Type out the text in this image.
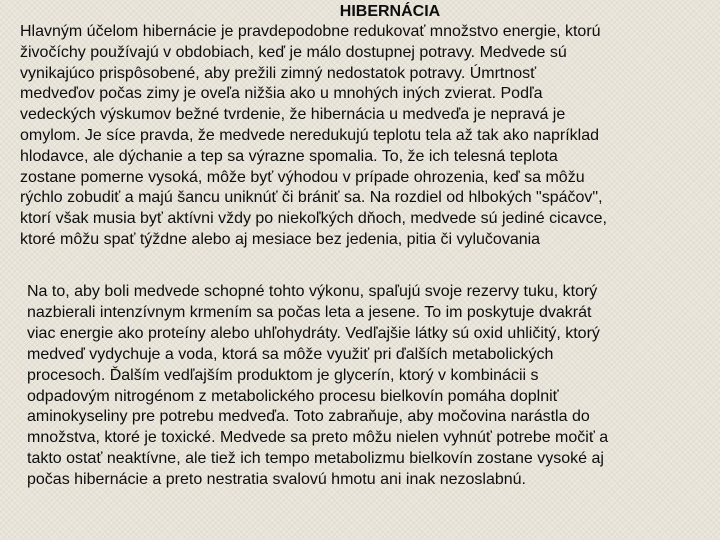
HIBERNÁCIA

Hlavným účelom hibernácie je pravdepodobne redukovať množstvo energie, ktorú
živočíchy používajú v obdobiach, keď je málo dostupnej potravy. Medvede sú
vynikajúco prispôsobené, aby prežili zimný nedostatok potravy. Úmrtnosť
medveďov počas zimy je oveľa nižšia ako u mnohých iných zvierat. Podľa
vedeckých výskumov bežné tvrdenie, že hibernácia u medveďa je nepravá je
omylom. Je síce pravda, že medvede neredukujú teplotu tela až tak ako napríklad
hlodavce, ale dýchanie a tep sa výrazne spomalia. To, že ich telesná teplota
zostane pomerne vysoká, môže byť výhodou v prípade ohrozenia, keď sa môžu
rýchlo zobudiť a majú šancu uniknúť či brániť sa. Na rozdiel od hlbokých "spáčov",
ktorí však musia byť aktívni vždy po niekoľkých dňoch, medvede sú jediné cicavce,
ktoré môžu spať týždne alebo aj mesiace bez jedenia, pitia či vylučovania

Na to, aby boli medvede schopné tohto výkonu, spaľujú svoje rezervy tuku, ktorý
nazbierali intenzívnym krmením sa počas leta a jesene. To im poskytuje dvakrát
viac energie ako proteíny alebo uhľohydráty. Vedľajšie látky sú oxid uhličitý, ktorý
medveď vydychuje a voda, ktorá sa môže využiť pri ďalších metabolických
procesoch. Ďalším vedľajším produktom je glycerín, ktorý v kombinácii s
odpadovým nitrogénom z metabolického procesu bielkovín pomáha doplniť
aminokyseliny pre potrebu medveďa. Toto zabraňuje, aby močovina narástla do
množstva, ktoré je toxické. Medvede sa preto môžu nielen vyhnúť potrebe močiť a
takto ostať neaktívne, ale tiež ich tempo metabolizmu bielkovín zostane vysoké aj
počas hibernácie a preto nestratia svalovú hmotu ani inak nezoslabnú.
